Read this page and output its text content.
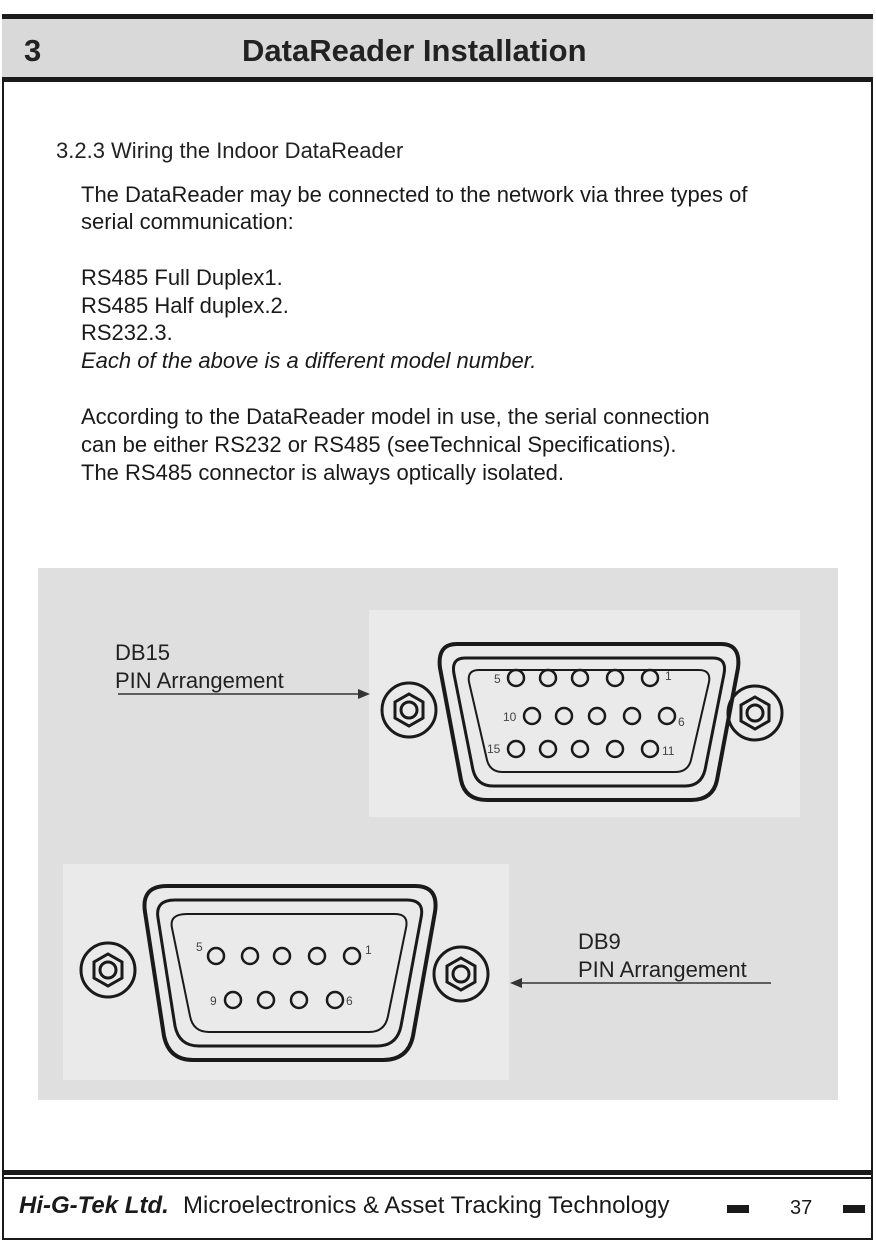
3	DataReader Installation
3.2.3 Wiring the Indoor DataReader
The DataReader may be connected to the network via three types of
serial communication:
RS485 Full Duplex1.
RS485 Half duplex.2.
RS232.3.
Each of the above is a different model number.
According to the DataReader model in use, the serial connection
can be either RS232 or RS485 (seeTechnical Specifications).
The RS485 connector is always optically isolated.
DB15
PIN Arrangement
DB9
PIN Arrangement
5	1
10	6
15	11
5	1
9	6
Hi-G-Tek Ltd. Microelectronics & Asset Tracking Technology	37
